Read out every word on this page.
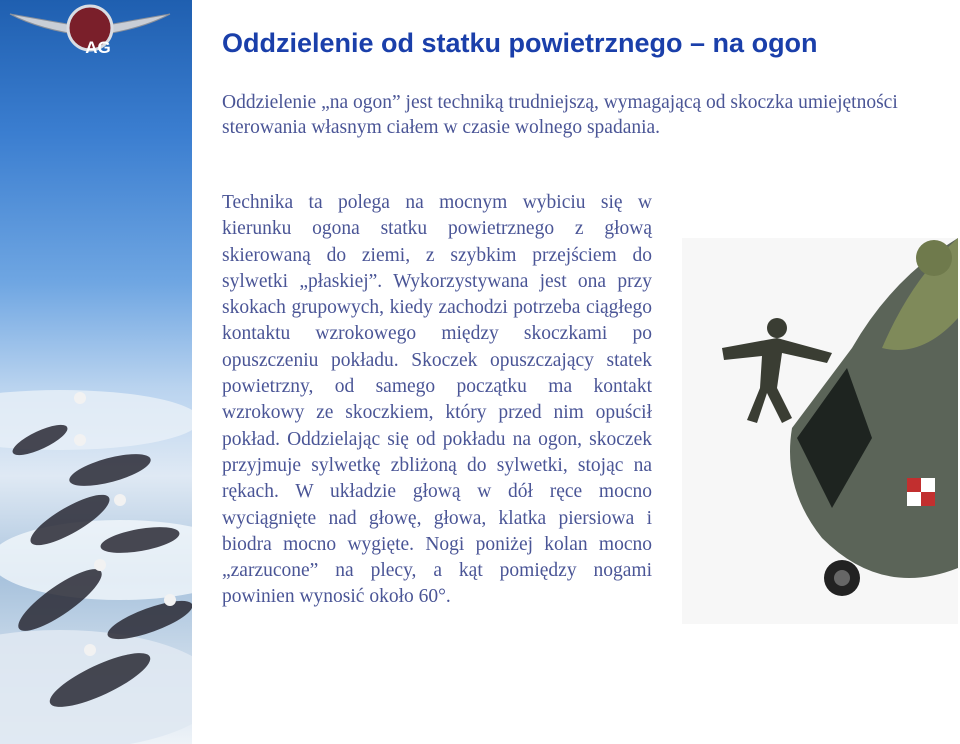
AG	Oddzielenie od statku powietrznego – na ogon
Oddzielenie „na ogon” jest techniką trudniejszą, wymagającą od skoczka umiejętności sterowania własnym ciałem w czasie wolnego spadania.

Technika ta polega na mocnym wybiciu się w kierunku ogona statku powietrznego z głową skierowaną do ziemi, z szybkim przejściem do sylwetki „płaskiej”. Wykorzystywana jest ona przy skokach grupowych, kiedy zachodzi potrzeba ciągłego kontaktu wzrokowego między skoczkami po opuszczeniu pokładu. Skoczek opuszczający statek powietrzny, od samego początku ma kontakt wzrokowy ze skoczkiem, który przed nim opuścił pokład. Oddzielając się od pokładu na ogon, skoczek przyjmuje sylwetkę zbliżoną do sylwetki, stojąc na rękach. W układzie głową w dół ręce mocno wyciągnięte nad głowę, głowa, klatka piersiowa i biodra mocno wygięte. Nogi poniżej kolan mocno „zarzucone” na plecy, a kąt pomiędzy nogami powinien wynosić około 60°.
